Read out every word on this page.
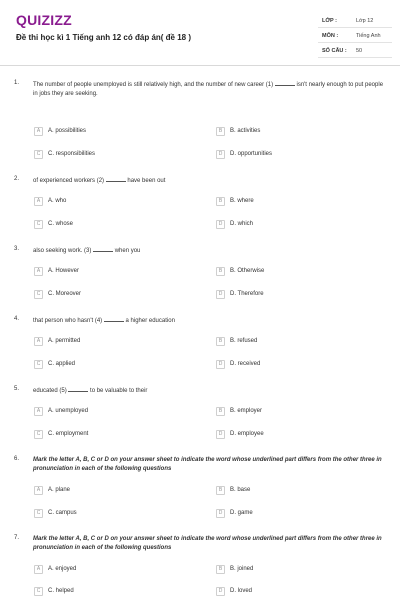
QUIZIZZ
Đề thi học kì 1 Tiếng anh 12 có đáp án( đề 18 )
LỚP :	Lớp 12
MÔN :	Tiếng Anh
SỐ CÂU : 50
1. The number of people unemployed is still relatively high, and the number of new career (1)	isn't nearly enough to put people in jobs they are seeking.
A	A. possibilities	B	B. activities
C	C. responsibilities	D	D. opportunities
2. of experienced workers (2)	have been out
A	A. who	B	B. where
C	C. whose	D	D. which
3. also seeking work. (3)	when you
A	A. However	B	B. Otherwise
C	C. Moreover	D	D. Therefore
4. that person who hasn't (4)	a higher education
A	A. permitted	B	B. refused
C	C. applied	D	D. received
5. educated (5)	to be valuable to their
A	A. unemployed	B	B. employer
C	C. employment	D	D. employee
6. Mark the letter A, B, C or D on your answer sheet to indicate the word whose underlined part differs from the other three in pronunciation in each of the following questions
A	A. plane	B	B. base
C	C. campus	D	D. game
7. Mark the letter A, B, C or D on your answer sheet to indicate the word whose underlined part differs from the other three in pronunciation in each of the following questions
A	A. enjoyed	B	B. joined
C	C. helped	D	D. loved
